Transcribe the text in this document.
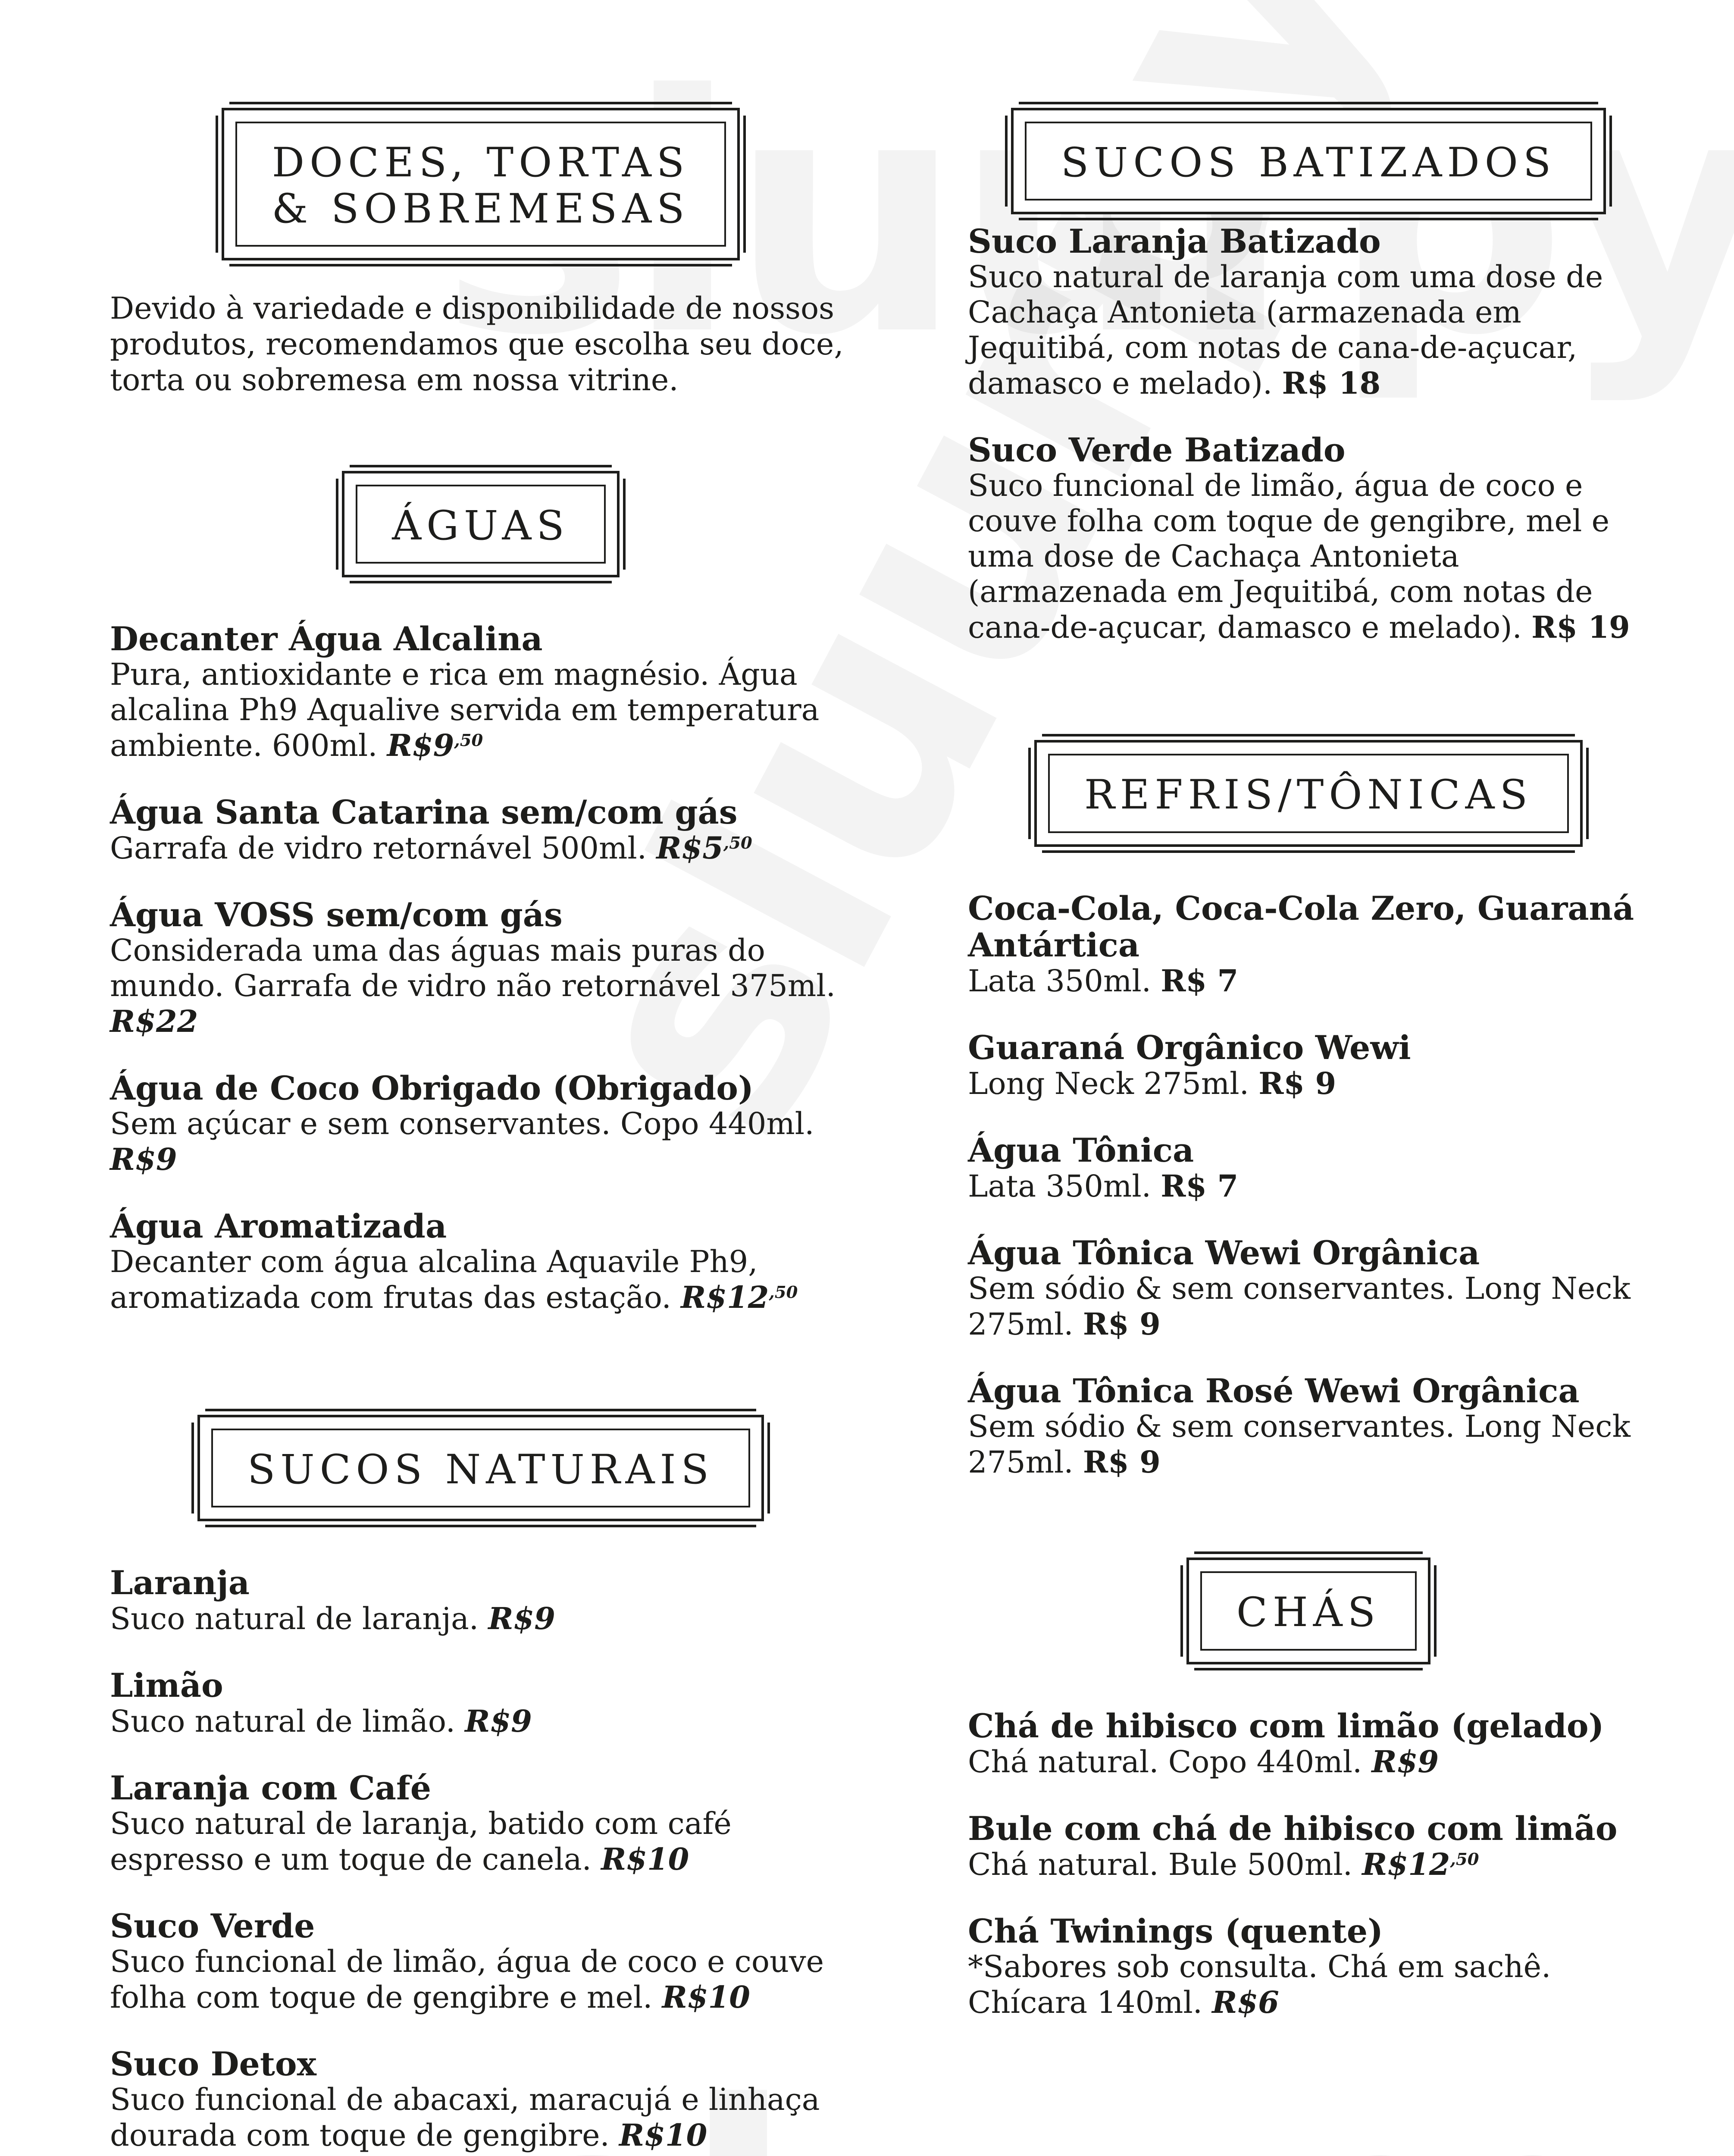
DOCES, TORTAS
& SOBREMESAS

Devido à variedade e disponibilidade de nossos produtos, recomendamos que escolha seu doce, torta ou sobremesa em nossa vitrine.

ÁGUAS
Decanter Água Alcalina
Pura, antioxidante e rica em magnésio. Água alcalina Ph9 Aqualive servida em temperatura ambiente. 600ml. $R\$9^{,50}$
Água Santa Catarina sem/com gás
Garrafa de vidro retornável 500ml. $R\$5^{,50}$
Água VOSS sem/com gás
Considerada uma das águas mais puras do mundo. Garrafa de vidro não retornável 375ml.
R$22
Água de Coco Obrigado (Obrigado)
Sem açúcar e sem conservantes. Copo 440ml.
R$9
Água Aromatizada
Decanter com água alcalina Aquavile Ph9, aromatizada com frutas das estação. $R\$12^{,50}$
SUCOS NATURAIS
Laranja
Suco natural de laranja. R$9
Limão
Suco natural de limão. R$9
Laranja com Café
Suco natural de laranja, batido com café espresso e um toque de canela. R$10
Suco Verde
Suco funcional de limão, água de coco e couve folha com toque de gengibre e mel. R$10
Suco Detox
Suco funcional de abacaxi, maracujá e linhaça dourada com toque de gengibre. R$10
SUCOS BATIZADOS
Suco Laranja Batizado
Suco natural de laranja com uma dose de Cachaça Antonieta (armazenada em Jequitibá, com notas de cana-de-açucar, damasco e melado). R$ 18
Suco Verde Batizado
Suco funcional de limão, água de coco e couve folha com toque de gengibre, mel e uma dose de Cachaça Antonieta (armazenada em Jequitibá, com notas de cana-de-açucar, damasco e melado). R$ 19
REFRIS/TÔNICAS
Coca-Cola, Coca-Cola Zero, Guaraná Antártica
Lata 350ml. R$ 7
Guaraná Orgânico Wewi
Long Neck 275ml. R$ 9
Água Tônica
Lata 350ml. R$ 7
Água Tônica Wewi Orgânica
Sem sódio & sem conservantes. Long Neck 275ml. R$ 9
Água Tônica Rosé Wewi Orgânica
Sem sódio & sem conservantes. Long Neck 275ml. R$ 9
CHÁS
Chá de hibisco com limão (gelado)
Chá natural. Copo 440ml. R$9
Bule com chá de hibisco com limão
Chá natural. Bule 500ml. $R\$12^{,50}$
Chá Twinings (quente)
*Sabores sob consulta. Chá em sachê. Chícara 140ml. R$6
